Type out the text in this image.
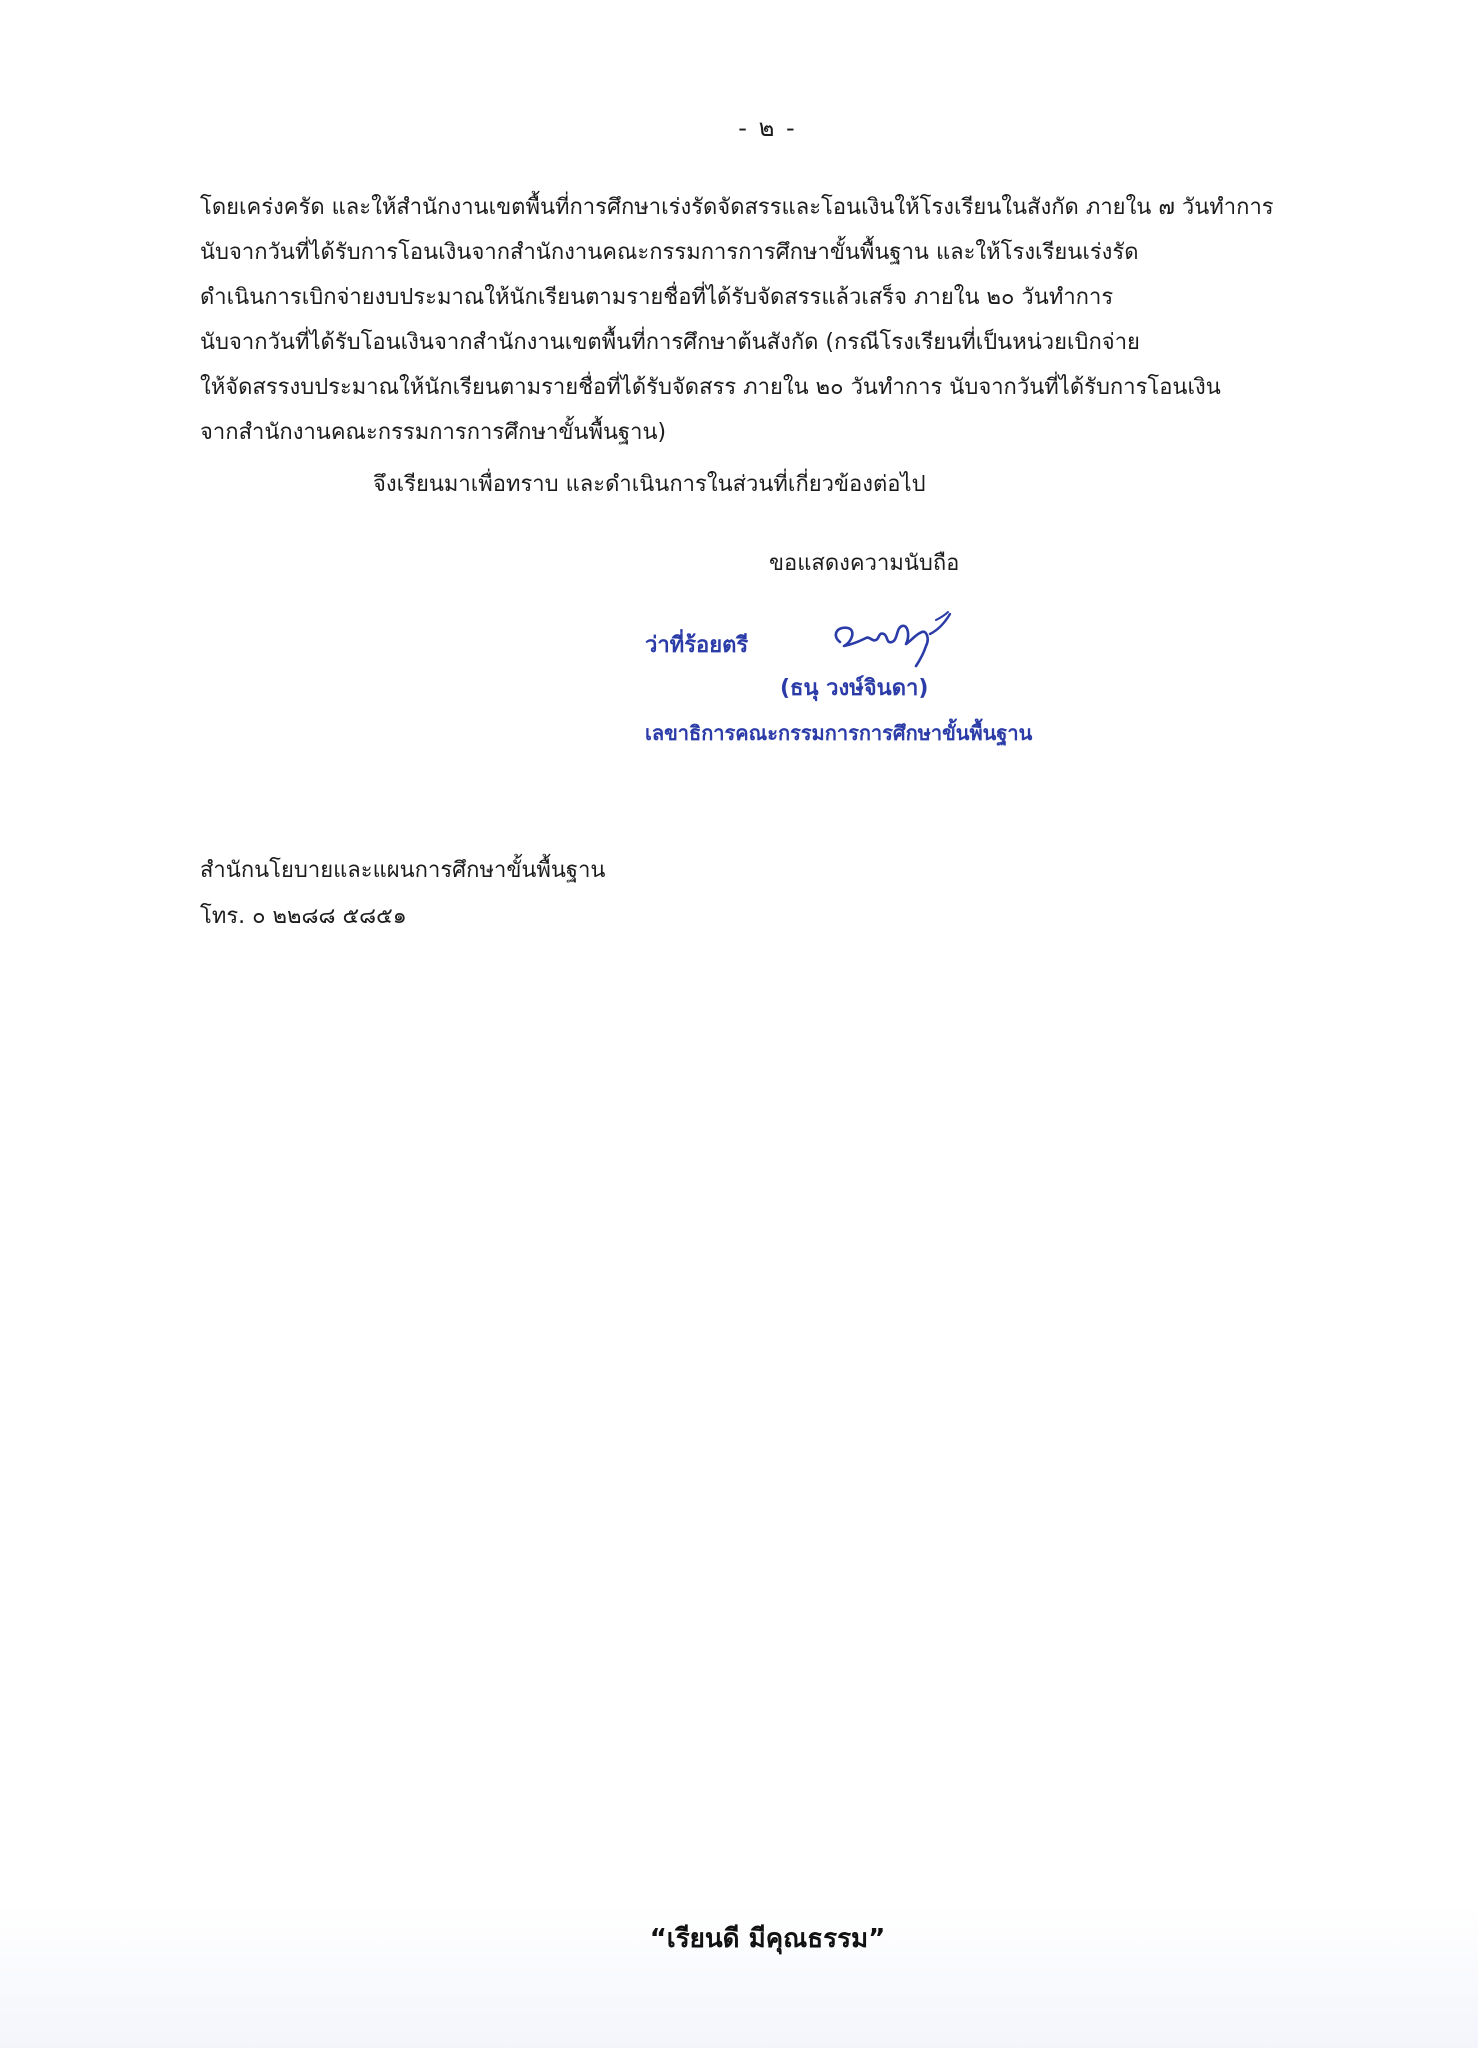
- ๒ -
โดยเคร่งครัด และให้สำนักงานเขตพื้นที่การศึกษาเร่งรัดจัดสรรและโอนเงินให้โรงเรียนในสังกัด ภายใน ๗ วันทำการ
นับจากวันที่ได้รับการโอนเงินจากสำนักงานคณะกรรมการการศึกษาขั้นพื้นฐาน และให้โรงเรียนเร่งรัด
ดำเนินการเบิกจ่ายงบประมาณให้นักเรียนตามรายชื่อที่ได้รับจัดสรรแล้วเสร็จ ภายใน ๒๐ วันทำการ
นับจากวันที่ได้รับโอนเงินจากสำนักงานเขตพื้นที่การศึกษาต้นสังกัด (กรณีโรงเรียนที่เป็นหน่วยเบิกจ่าย
ให้จัดสรรงบประมาณให้นักเรียนตามรายชื่อที่ได้รับจัดสรร ภายใน ๒๐ วันทำการ นับจากวันที่ได้รับการโอนเงิน
จากสำนักงานคณะกรรมการการศึกษาขั้นพื้นฐาน)
จึงเรียนมาเพื่อทราบ และดำเนินการในส่วนที่เกี่ยวข้องต่อไป
ขอแสดงความนับถือ
ว่าที่ร้อยตรี
(ธนุ วงษ์จินดา)
เลขาธิการคณะกรรมการการศึกษาขั้นพื้นฐาน
สำนักนโยบายและแผนการศึกษาขั้นพื้นฐาน
โทร. ๐ ๒๒๘๘ ๕๘๕๑
“เรียนดี มีคุณธรรม”
